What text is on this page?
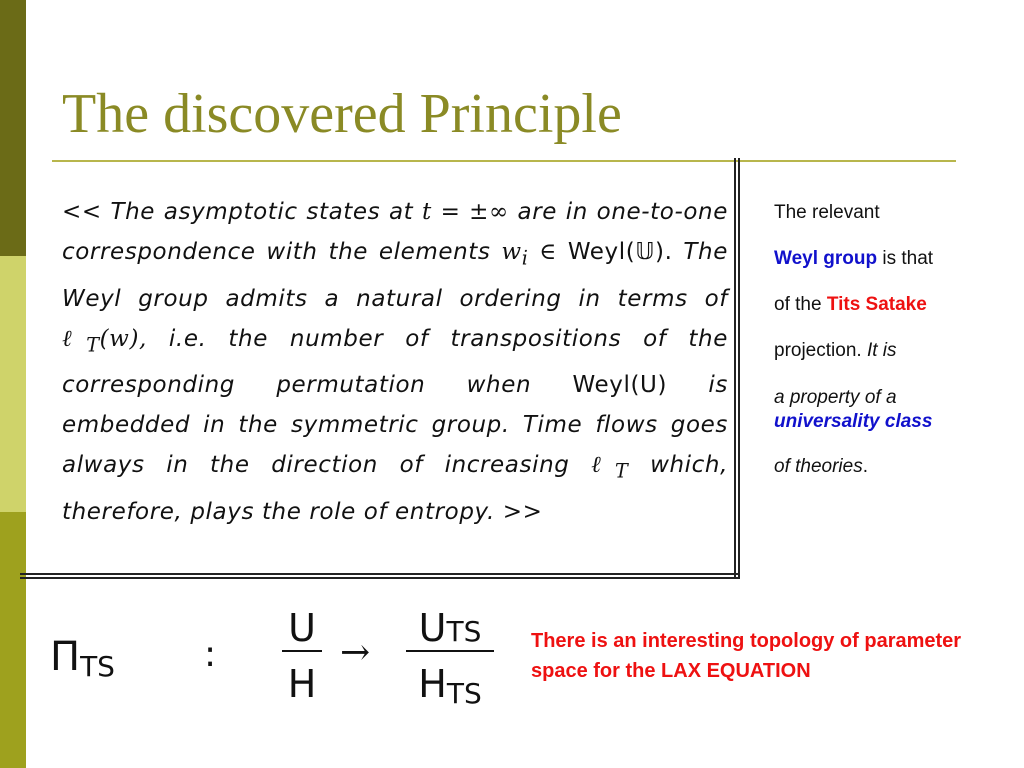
The discovered Principle
<< The asymptotic states at t = ±∞ are in one-to-one correspondence with the elements $w_i$ ∈ Weyl(𝕌). The Weyl group admits a natural ordering in terms of ℓ$_T$(w), i.e. the number of transpositions of the corresponding permutation when Weyl(U) is embedded in the symmetric group. Time flows goes always in the direction of increasing ℓ$_T$ which, therefore, plays the role of entropy. >>
The relevant
Weyl group is that
of the Tits Satake
projection. It is
a property of a
universality class
of theories.
$\Pi_{TS}$ : $\frac{U}{H}$ →
UTS
HTS
There is an interesting topology of parameter space for the LAX EQUATION
